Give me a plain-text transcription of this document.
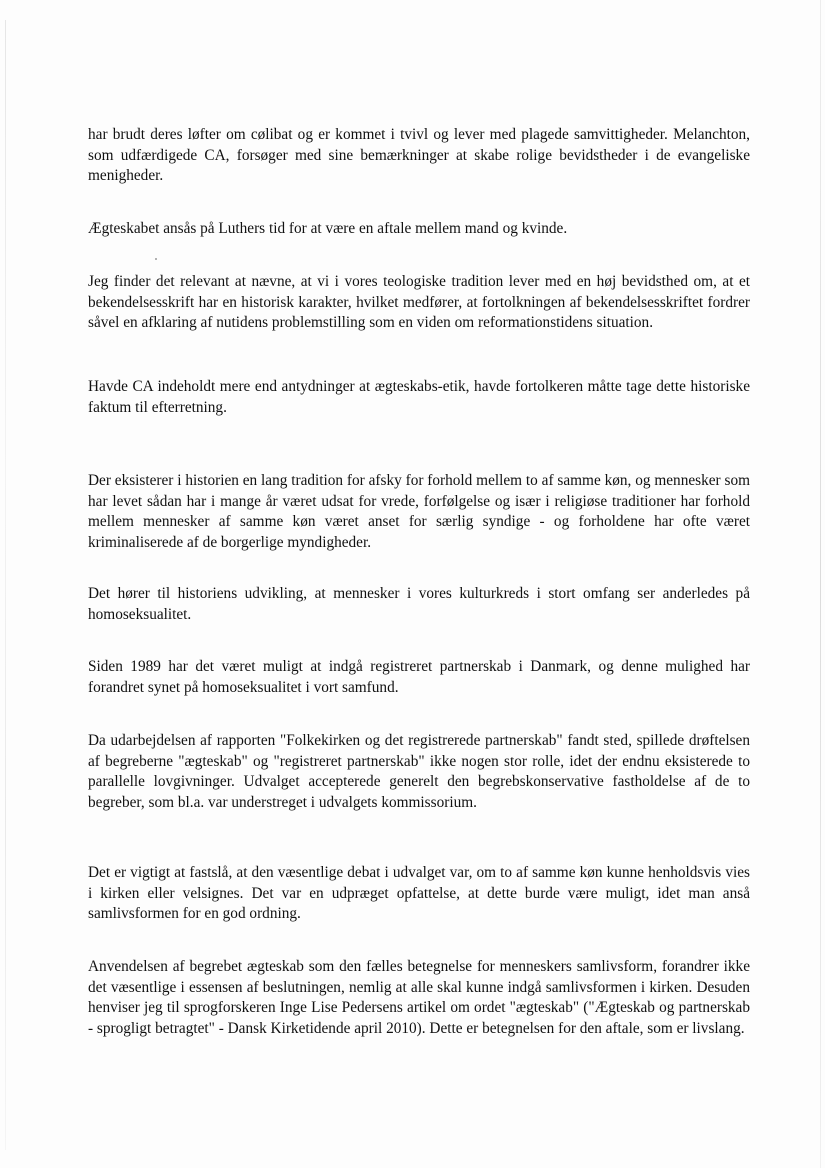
har brudt deres løfter om cølibat og er kommet i tvivl og lever med plagede samvittigheder. Melanchton, som udfærdigede CA, forsøger med sine bemærkninger at skabe rolige bevidstheder i de evangeliske menigheder.

Ægteskabet ansås på Luthers tid for at være en aftale mellem mand og kvinde.

Jeg finder det relevant at nævne, at vi i vores teologiske tradition lever med en høj bevidsthed om, at et bekendelsesskrift har en historisk karakter, hvilket medfører, at fortolkningen af bekendelsesskriftet fordrer såvel en afklaring af nutidens problemstilling som en viden om reformationstidens situation.

Havde CA indeholdt mere end antydninger at ægteskabs-etik, havde fortolkeren måtte tage dette historiske faktum til efterretning.

Der eksisterer i historien en lang tradition for afsky for forhold mellem to af samme køn, og mennesker som har levet sådan har i mange år været udsat for vrede, forfølgelse og især i religiøse traditioner har forhold mellem mennesker af samme køn været anset for særlig syndige - og forholdene har ofte været kriminaliserede af de borgerlige myndigheder.

Det hører til historiens udvikling, at mennesker i vores kulturkreds i stort omfang ser anderledes på homoseksualitet.

Siden 1989 har det været muligt at indgå registreret partnerskab i Danmark, og denne mulighed har forandret synet på homoseksualitet i vort samfund.

Da udarbejdelsen af rapporten "Folkekirken og det registrerede partnerskab" fandt sted, spillede drøftelsen af begreberne "ægteskab" og "registreret partnerskab" ikke nogen stor rolle, idet der endnu eksisterede to parallelle lovgivninger. Udvalget accepterede generelt den begrebskonservative fastholdelse af de to begreber, som bl.a. var understreget i udvalgets kommissorium.

Det er vigtigt at fastslå, at den væsentlige debat i udvalget var, om to af samme køn kunne henholdsvis vies i kirken eller velsignes. Det var en udpræget opfattelse, at dette burde være muligt, idet man anså samlivsformen for en god ordning.

Anvendelsen af begrebet ægteskab som den fælles betegnelse for menneskers samlivsform, forandrer ikke det væsentlige i essensen af beslutningen, nemlig at alle skal kunne indgå samlivsformen i kirken. Desuden henviser jeg til sprogforskeren Inge Lise Pedersens artikel om ordet "ægteskab" ("Ægteskab og partnerskab - sprogligt betragtet" - Dansk Kirketidende april 2010). Dette er betegnelsen for den aftale, som er livslang.
